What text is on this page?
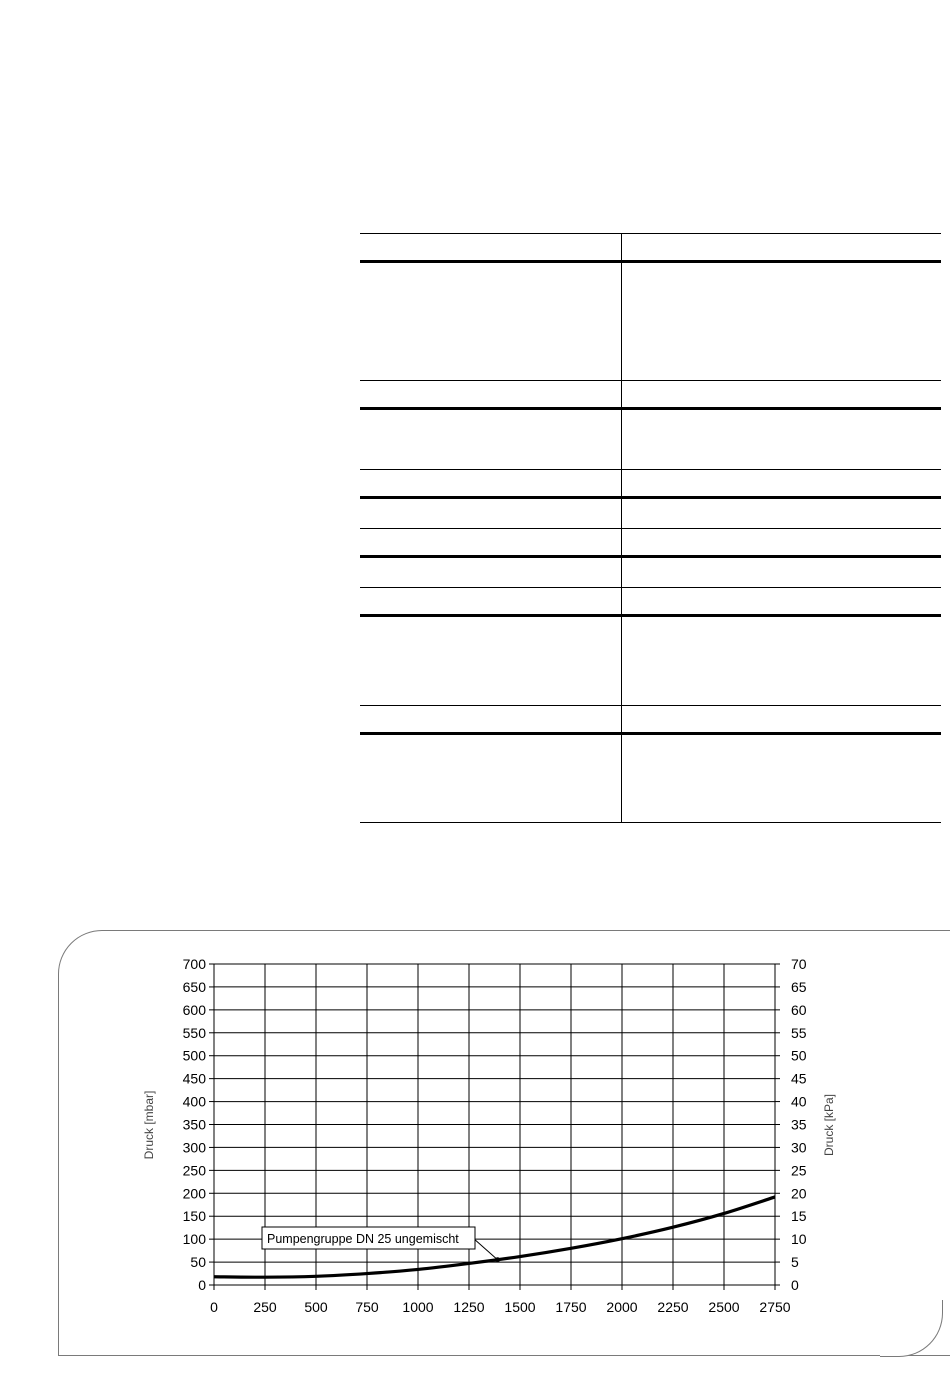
0
50
100
150
200
250
300
350
400
450
500
550
600
650
700
0
5
10
15
20
25
30
35
40
45
50
55
60
65
70
0	250 500 750 1000 1250 1500 1750 2000 2250 2500 2750
Druck [mbar]	Druck [kPa]
Pumpengruppe DN 25 ungemischt
